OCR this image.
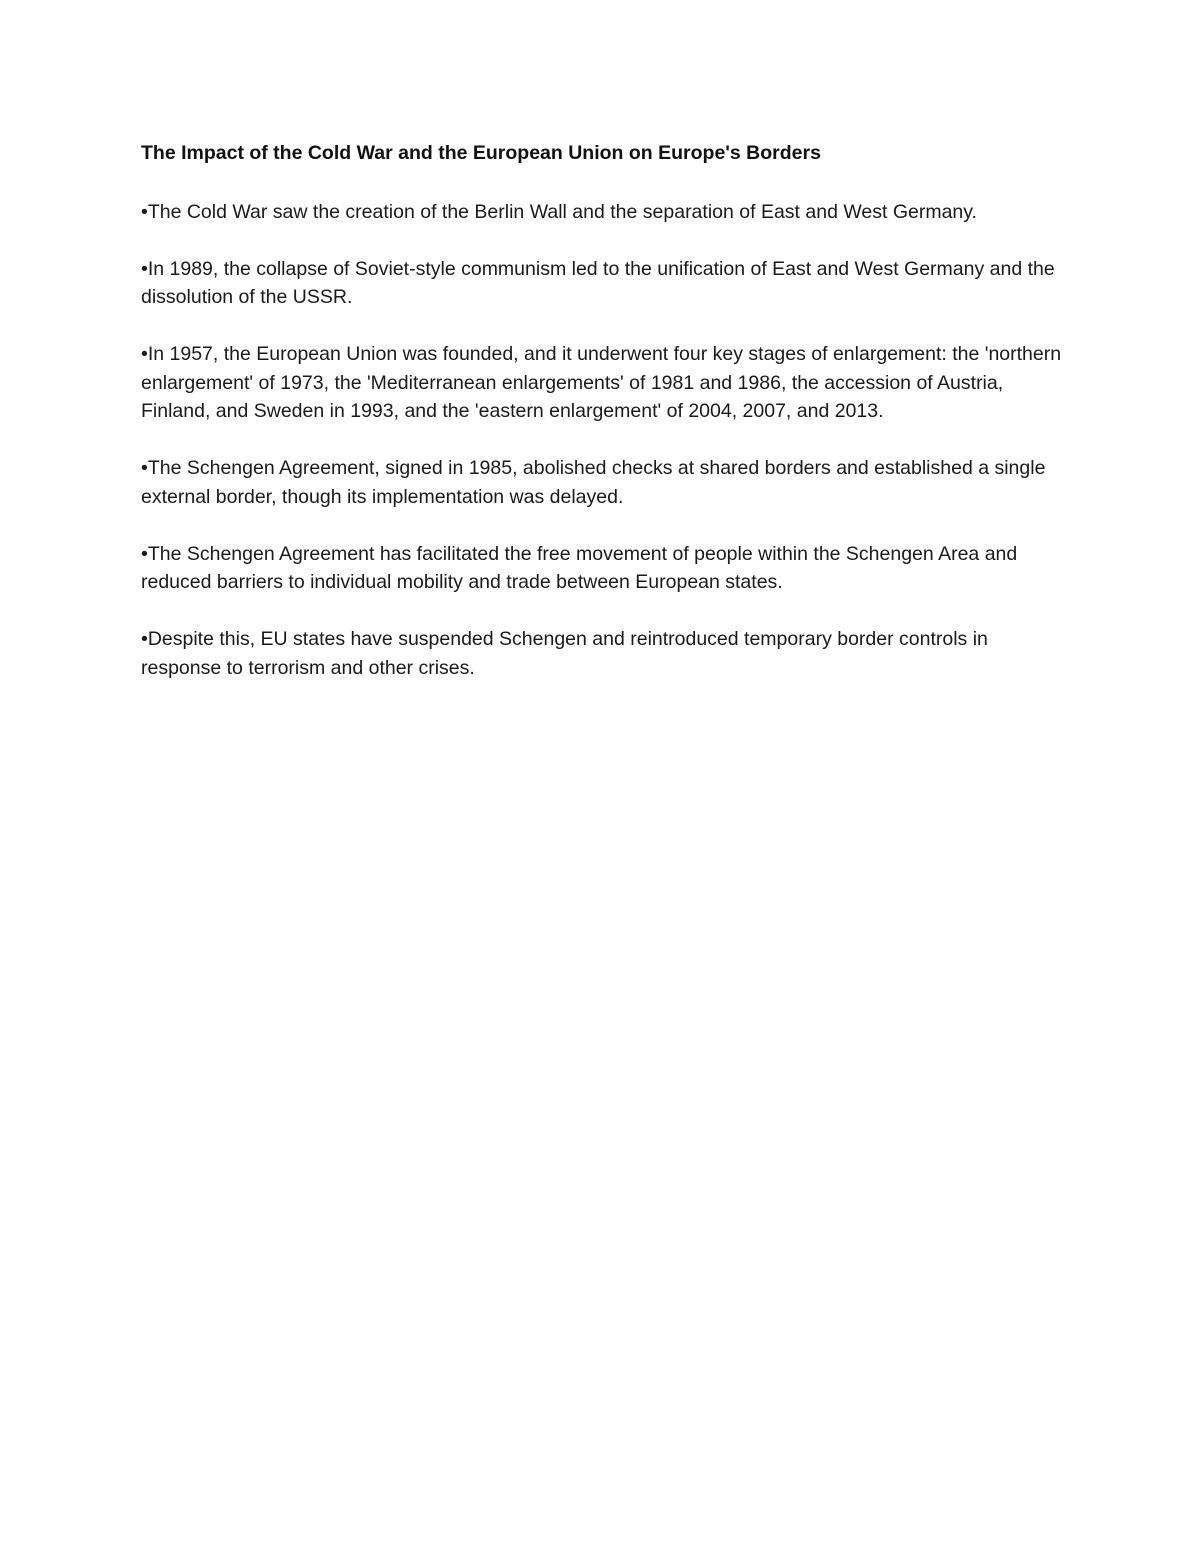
The Impact of the Cold War and the European Union on Europe's Borders
•The Cold War saw the creation of the Berlin Wall and the separation of East and West Germany.
•In 1989, the collapse of Soviet-style communism led to the unification of East and West Germany and the dissolution of the USSR.
•In 1957, the European Union was founded, and it underwent four key stages of enlargement: the 'northern enlargement' of 1973, the 'Mediterranean enlargements' of 1981 and 1986, the accession of Austria, Finland, and Sweden in 1993, and the 'eastern enlargement' of 2004, 2007, and 2013.
•The Schengen Agreement, signed in 1985, abolished checks at shared borders and established a single external border, though its implementation was delayed.
•The Schengen Agreement has facilitated the free movement of people within the Schengen Area and reduced barriers to individual mobility and trade between European states.
•Despite this, EU states have suspended Schengen and reintroduced temporary border controls in response to terrorism and other crises.
